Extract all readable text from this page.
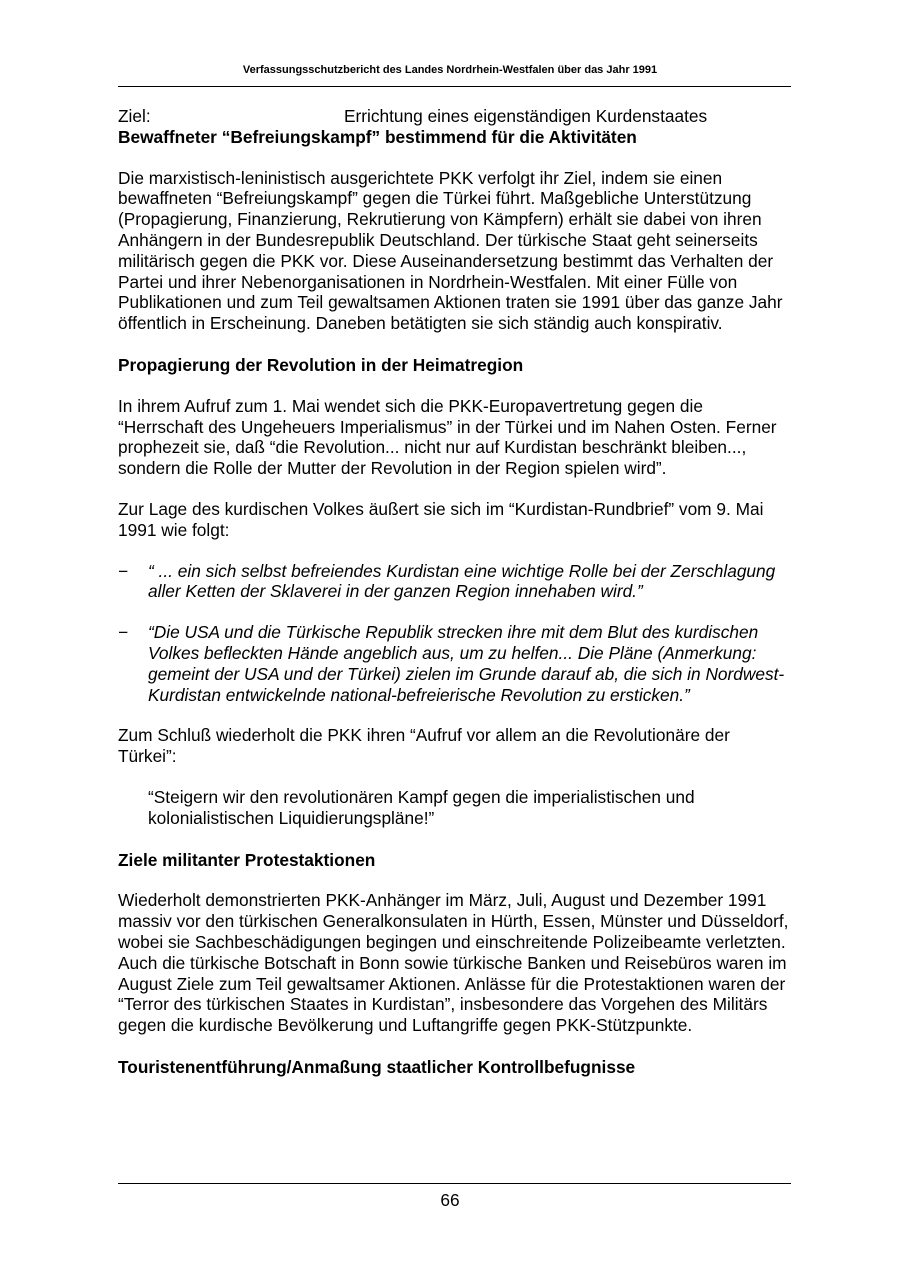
Verfassungsschutzbericht des Landes Nordrhein-Westfalen über das Jahr 1991
Ziel:	Errichtung eines eigenständigen Kurdenstaates
Bewaffneter “Befreiungskampf” bestimmend für die Aktivitäten

Die marxistisch-leninistisch ausgerichtete PKK verfolgt ihr Ziel, indem sie einen bewaffneten “Befreiungskampf” gegen die Türkei führt. Maßgebliche Unterstützung (Propagierung, Finanzierung, Rekrutierung von Kämpfern) erhält sie dabei von ihren Anhängern in der Bundesrepublik Deutschland. Der türkische Staat geht seinerseits militärisch gegen die PKK vor. Diese Auseinandersetzung bestimmt das Verhalten der Partei und ihrer Nebenorganisationen in Nordrhein-Westfalen. Mit einer Fülle von Publikationen und zum Teil gewaltsamen Aktionen traten sie 1991 über das ganze Jahr öffentlich in Erscheinung. Daneben betätigten sie sich ständig auch konspirativ.

Propagierung der Revolution in der Heimatregion

In ihrem Aufruf zum 1. Mai wendet sich die PKK-Europavertretung gegen die “Herrschaft des Ungeheuers Imperialismus” in der Türkei und im Nahen Osten. Ferner prophezeit sie, daß “die Revolution... nicht nur auf Kurdistan beschränkt bleiben..., sondern die Rolle der Mutter der Revolution in der Region spielen wird”.

Zur Lage des kurdischen Volkes äußert sie sich im “Kurdistan-Rundbrief” vom 9. Mai 1991 wie folgt:

−	“ ... ein sich selbst befreiendes Kurdistan eine wichtige Rolle bei der Zerschlagung aller Ketten der Sklaverei in der ganzen Region innehaben wird.”
−	“Die USA und die Türkische Republik strecken ihre mit dem Blut des kurdischen Volkes befleckten Hände angeblich aus, um zu helfen... Die Pläne (Anmerkung: gemeint der USA und der Türkei) zielen im Grunde darauf ab, die sich in Nordwest-Kurdistan entwickelnde national-befreierische Revolution zu ersticken.”

Zum Schluß wiederholt die PKK ihren “Aufruf vor allem an die Revolutionäre der Türkei”:

“Steigern wir den revolutionären Kampf gegen die imperialistischen und kolonialistischen Liquidierungspläne!”

Ziele militanter Protestaktionen

Wiederholt demonstrierten PKK-Anhänger im März, Juli, August und Dezember 1991 massiv vor den türkischen Generalkonsulaten in Hürth, Essen, Münster und Düsseldorf, wobei sie Sachbeschädigungen begingen und einschreitende Polizeibeamte verletzten. Auch die türkische Botschaft in Bonn sowie türkische Banken und Reisebüros waren im August Ziele zum Teil gewaltsamer Aktionen. Anlässe für die Protestaktionen waren der “Terror des türkischen Staates in Kurdistan”, insbesondere das Vorgehen des Militärs gegen die kurdische Bevölkerung und Luftangriffe gegen PKK-Stützpunkte.

Touristenentführung/Anmaßung staatlicher Kontrollbefugnisse
66
